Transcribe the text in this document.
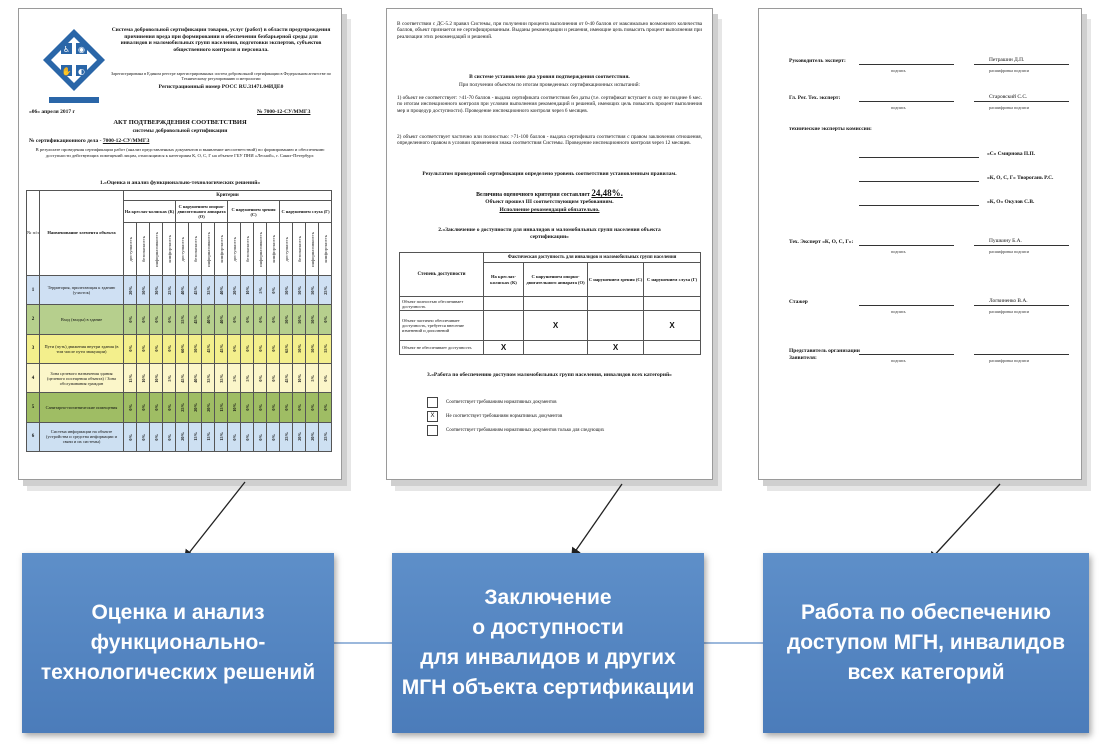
♿ ◉
✋ ◐
Система добровольной сертификации товаров, услуг (работ) в области предупреждения причинения вреда при формировании и обеспечении безбарьерной среды для инвалидов и маломобильных групп населения, подготовки экспертов, субъектов общественного контроля и персонала.
Зарегистрирована в Едином реестре зарегистрированных систем добровольной сертификации в Федеральном агентстве по Техническому регулированию и метрологии
Регистрационный номер РОСС RU.З1471.04ИДЕ0
«06» апреля 2017 г	№ 7000-12-СУ/ММГЗ
АКТ ПОДТВЕРЖДЕНИЯ СООТВЕТСТВИЯ
системы добровольной сертификации
№ сертификационного дела - 7000-12-СУ/ММГЗ
В результате проведения сертификации работ (анализ представленных документов и выявление несоответствий) по формированию и обеспечению доступности действующих помещений лицам, относящимся к категориям К, О, С, Г на объекте ГБУ ПНИ «Лесной», г. Санкт-Петербург.
1.«Оценка и анализ функционально-технологических решений»
№ п/п	Наименование элемента объекта	Критерии															
		На креслах-колясках (К)				С нарушением опорно-двигательного аппарата (О)				С нарушением зрения (С)				С нарушением слуха (Г)			

		доступность	безопасность	информативность	комфортность	доступность	безопасность	информативность	комфортность	доступность	безопасность	информативность	комфортность	доступность	безопасность	информативность	комфортность

1	Территория, прилегающая к зданию (участок)	20%	50%	30%	25%	40%	45%	35%	40%	20%	10%	5%	0%	50%	50%	50%	25%

2	Вход (входы) в здание	0%	0%	0%	0%	55%	45%	40%	40%	0%	0%	0%	0%	50%	50%	50%	0%

3	Пути (путь) движения внутри здания (в том числе пути эвакуации)	0%	0%	0%	0%	60%	50%	45%	45%	0%	0%	0%	0%	65%	50%	50%	55%

4	Зона целевого назначения здания (целевого посещения объекта) / Зона обслуживания граждан	15%	10%	10%	5%	45%	40%	35%	35%	5%	5%	0%	0%	45%	10%	5%	0%

5	Санитарно-гигиенические помещения	0%	0%	0%	0%	25%	20%	20%	15%	10%	0%	0%	0%	0%	0%	0%	0%

6	Система информации на объекте (устройства и средства информации и связи и их системы)	0%	0%	0%	0%	20%	15%	15%	15%	0%	0%	0%	0%	25%	20%	20%	25%
В соответствии с ДС-5.2 правил Системы, при получении процента выполнения от 0-40 баллов от максимально возможного количества баллов, объект признается не сертифицированным. Выданы рекомендации и решения, имеющие цель повысить процент выполнения при реализации этих рекомендаций и решений.
В системе установлено два уровня подтверждения соответствия.
При получении объектом по итогам проведенных сертификационных испытаний:
1) объект не соответствует: >41-70 баллов - выдача сертификата соответствия без даты (т.е. сертификат вступает в силу не позднее 6 мес. по итогам инспекционного контроля при условии выполнения рекомендаций и решений, имеющих цель повысить процент выполнения мер и процедур доступности). Проведение инспекционного контроля через 6 месяцев.
2) объект соответствует частично или полностью: >71-100 баллов - выдача сертификата соответствия с правом заключения отношения, определенного правом в условии применения знака соответствия Системы. Проведение инспекционного контроля через 12 месяцев.
Результатом проведенной сертификации определено уровень соответствия установленным правилам.
Величина оценочного критерия составляет 24,48%.
Объект прошел III соответствующим требованиям.
Исполнение рекомендаций обязательно.
2.«Заключение о доступности для инвалидов и маломобильных групп населения объекта сертификации»
Степень доступности	Фактическая доступность для инвалидов и маломобильных групп населения			
	На креслах-колясках (К)	С нарушением опорно-двигательного аппарата (О)	С нарушением зрения (С)	С нарушением слуха (Г)
Объект полностью обеспечивает доступность				
Объект частично обеспечивает доступность, требуется внесение изменений и дополнений		X		X
Объект не обеспечивает доступность	X		X	
3.«Работа по обеспечению доступом маломобильных групп населения, инвалидов всех категорий»
Соответствует требованиям нормативных документов
X	Не соответствует требованиям нормативных документов
Соответствует требованиям нормативных документов только для следующих
технические эксперты комиссии:
Руководитель эксперт:	Петрашин Д.П.
подпись	расшифровка подписи
Гл. Рег. Тех. эксперт:	Старовский С.С.
подпись	расшифровка подписи
«С» Смирнова П.П.
«К, О, С, Г» Творогань Р.С.
«К, О» Окулов С.В.
Тех. Эксперт «К, О, С, Г»:	Пушкину Б.А.
подпись	расшифровка подписи
Стажер	Логвиненко В.А.
подпись	расшифровка подписи
Представитель организации Заявителя:	подпись	расшифровка подписи
Оценка и анализ
функционально-
технологических решений
Заключение
о доступности
для инвалидов и других
МГН объекта сертификации
Работа по обеспечению
доступом МГН, инвалидов
всех категорий
